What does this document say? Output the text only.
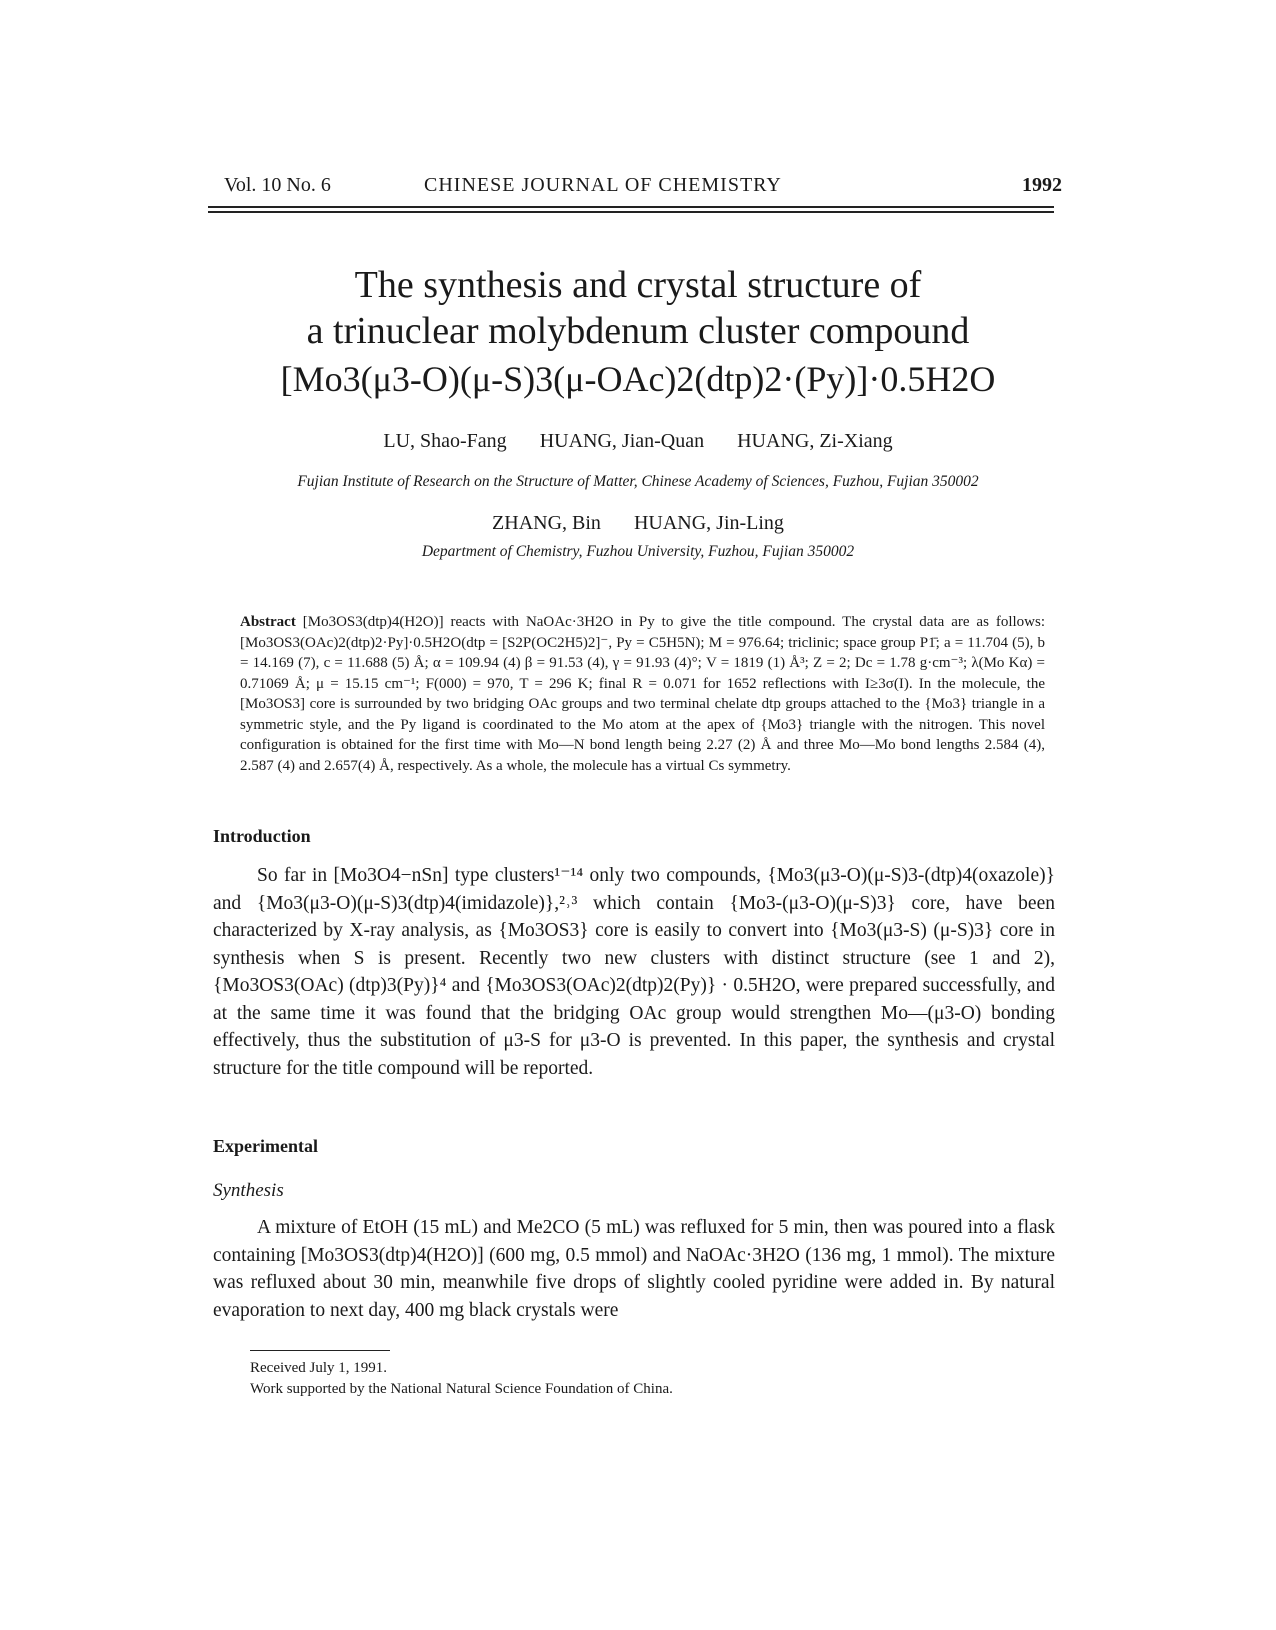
Vol. 10 No. 6	CHINESE JOURNAL OF CHEMISTRY	1992
The synthesis and crystal structure of
a trinuclear molybdenum cluster compound
[Mo3(μ3-O)(μ-S)3(μ-OAc)2(dtp)2·(Py)]·0.5H2O
LU, Shao-Fang HUANG, Jian-Quan HUANG, Zi-Xiang
Fujian Institute of Research on the Structure of Matter, Chinese Academy of Sciences, Fuzhou, Fujian 350002
ZHANG, Bin HUANG, Jin-Ling
Department of Chemistry, Fuzhou University, Fuzhou, Fujian 350002
Abstract [Mo3OS3(dtp)4(H2O)] reacts with NaOAc·3H2O in Py to give the title compound. The crystal data are as follows: [Mo3OS3(OAc)2(dtp)2·Py]·0.5H2O(dtp = [S2P(OC2H5)2]⁻, Py = C5H5N); M = 976.64; triclinic; space group P1̄; a = 11.704 (5), b = 14.169 (7), c = 11.688 (5) Å; α = 109.94 (4) β = 91.53 (4), γ = 91.93 (4)°; V = 1819 (1) Å³; Z = 2; Dc = 1.78 g·cm⁻³; λ(Mo Kα) = 0.71069 Å; μ = 15.15 cm⁻¹; F(000) = 970, T = 296 K; final R = 0.071 for 1652 reflections with I≥3σ(I). In the molecule, the [Mo3OS3] core is surrounded by two bridging OAc groups and two terminal chelate dtp groups attached to the {Mo3} triangle in a symmetric style, and the Py ligand is coordinated to the Mo atom at the apex of {Mo3} triangle with the nitrogen. This novel configuration is obtained for the first time with Mo—N bond length being 2.27 (2) Å and three Mo—Mo bond lengths 2.584 (4), 2.587 (4) and 2.657(4) Å, respectively. As a whole, the molecule has a virtual Cs symmetry.
Introduction

So far in [Mo3O4−nSn] type clusters¹⁻¹⁴ only two compounds, {Mo3(μ3-O)(μ-S)3-(dtp)4(oxazole)} and {Mo3(μ3-O)(μ-S)3(dtp)4(imidazole)},²˒³ which contain {Mo3-(μ3-O)(μ-S)3} core, have been characterized by X-ray analysis, as {Mo3OS3} core is easily to convert into {Mo3(μ3-S) (μ-S)3} core in synthesis when S is present. Recently two new clusters with distinct structure (see 1 and 2), {Mo3OS3(OAc) (dtp)3(Py)}⁴ and {Mo3OS3(OAc)2(dtp)2(Py)} · 0.5H2O, were prepared successfully, and at the same time it was found that the bridging OAc group would strengthen Mo—(μ3-O) bonding effectively, thus the substitution of μ3-S for μ3-O is prevented. In this paper, the synthesis and crystal structure for the title compound will be reported.

Experimental
Synthesis

A mixture of EtOH (15 mL) and Me2CO (5 mL) was refluxed for 5 min, then was poured into a flask containing [Mo3OS3(dtp)4(H2O)] (600 mg, 0.5 mmol) and NaOAc·3H2O (136 mg, 1 mmol). The mixture was refluxed about 30 min, meanwhile five drops of slightly cooled pyridine were added in. By natural evaporation to next day, 400 mg black crystals were

Received July 1, 1991.
Work supported by the National Natural Science Foundation of China.
